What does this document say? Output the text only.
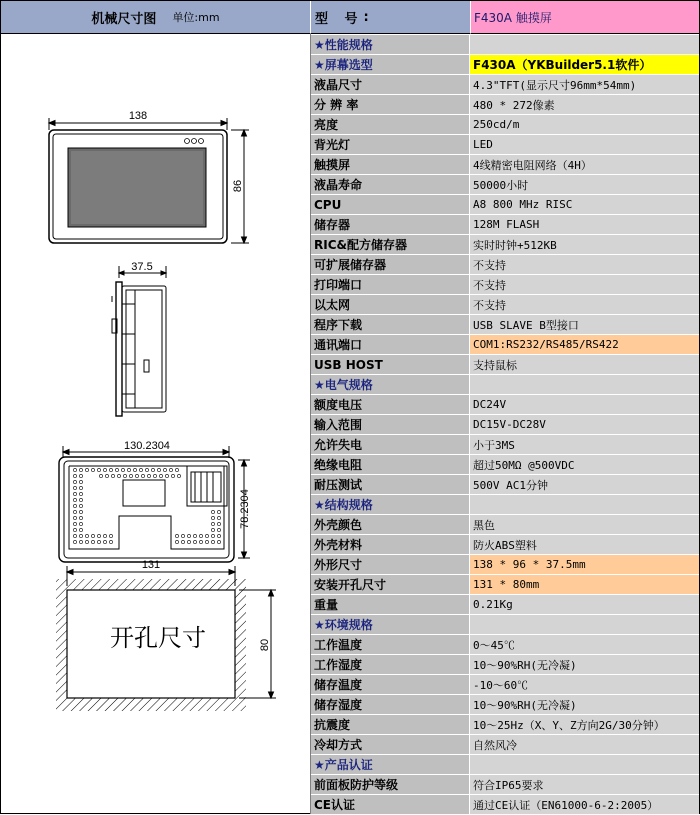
机械尺寸图 单位:mm	型 号 :	F430A 触摸屏
138
86
37.5
130.2304
78.2304
131
80
开孔尺寸
★性能规格
★屏幕选型	F430A（YKBuilder5.1软件）
液晶尺寸	4.3"TFT(显示尺寸96mm*54mm)
分 辨 率	480 * 272像素
亮度	250cd/m
背光灯	LED
触摸屏	4线精密电阻网络（4H）
液晶寿命	50000小时
CPU	A8 800 MHz RISC
储存器	128M FLASH
RIC&配方储存器	实时时钟+512KB
可扩展储存器	不支持
打印端口	不支持
以太网	不支持
程序下载	USB SLAVE B型接口
通讯端口	COM1:RS232/RS485/RS422
USB HOST	支持鼠标
★电气规格
额度电压	DC24V
输入范围	DC15V-DC28V
允许失电	小于3MS
绝缘电阻	超过50MΩ @500VDC
耐压测试	500V AC1分钟
★结构规格
外壳颜色	黑色
外壳材料	防火ABS塑料
外形尺寸	138 * 96 * 37.5mm
安装开孔尺寸	131 * 80mm
重量	0.21Kg
★环境规格
工作温度	0～45℃
工作湿度	10～90%RH(无冷凝)
储存温度	-10～60℃
储存湿度	10～90%RH(无冷凝)
抗震度	10～25Hz（X、Y、Z方向2G/30分钟）
冷却方式	自然风冷
★产品认证
前面板防护等级	符合IP65要求
CE认证	通过CE认证（EN61000-6-2:2005）
